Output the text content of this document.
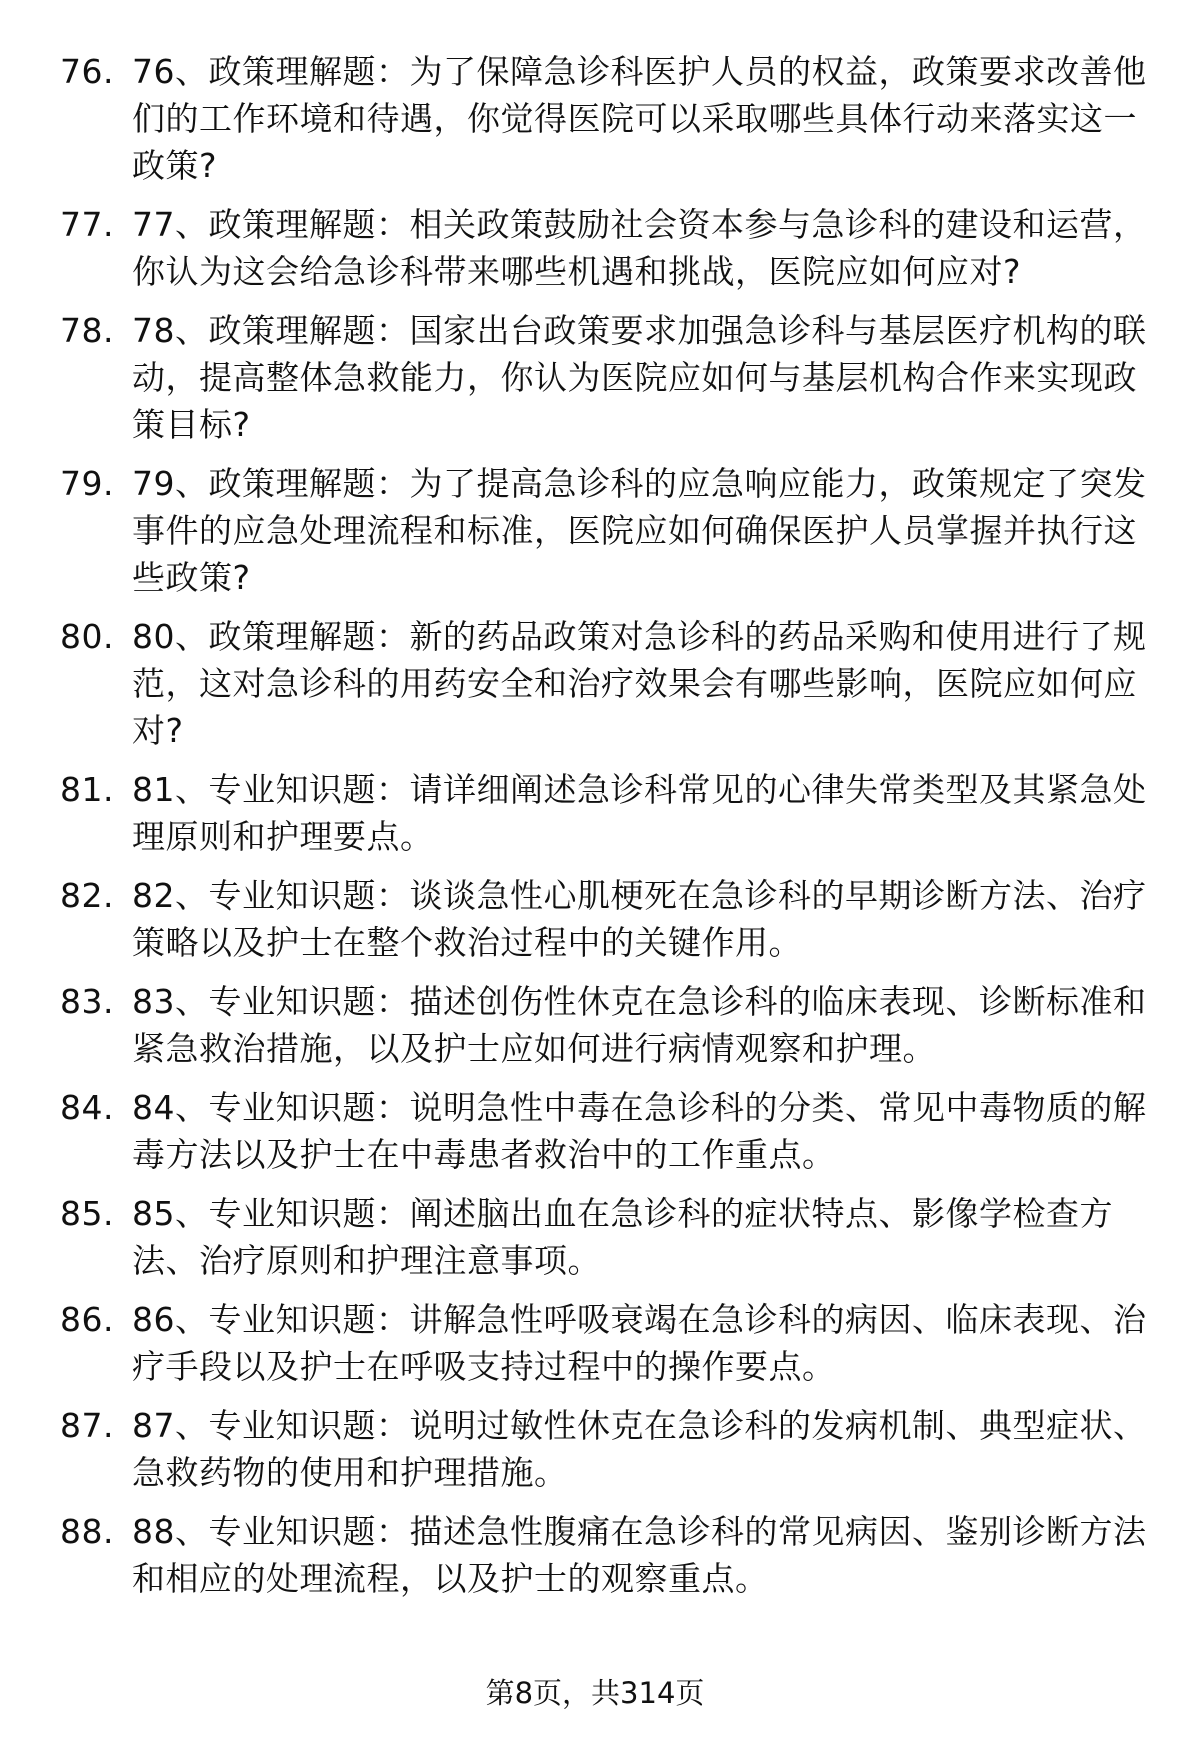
76. 76、政策理解题：为了保障急诊科医护人员的权益，政策要求改善他们的工作环境和待遇，你觉得医院可以采取哪些具体行动来落实这一政策?
77. 77、政策理解题：相关政策鼓励社会资本参与急诊科的建设和运营，你认为这会给急诊科带来哪些机遇和挑战，医院应如何应对?
78. 78、政策理解题：国家出台政策要求加强急诊科与基层医疗机构的联动，提高整体急救能力，你认为医院应如何与基层机构合作来实现政策目标?
79. 79、政策理解题：为了提高急诊科的应急响应能力，政策规定了突发事件的应急处理流程和标准，医院应如何确保医护人员掌握并执行这些政策?
80. 80、政策理解题：新的药品政策对急诊科的药品采购和使用进行了规范，这对急诊科的用药安全和治疗效果会有哪些影响，医院应如何应对?
81. 81、专业知识题：请详细阐述急诊科常见的心律失常类型及其紧急处理原则和护理要点。
82. 82、专业知识题：谈谈急性心肌梗死在急诊科的早期诊断方法、治疗策略以及护士在整个救治过程中的关键作用。
83. 83、专业知识题：描述创伤性休克在急诊科的临床表现、诊断标准和紧急救治措施，以及护士应如何进行病情观察和护理。
84. 84、专业知识题：说明急性中毒在急诊科的分类、常见中毒物质的解毒方法以及护士在中毒患者救治中的工作重点。
85. 85、专业知识题：阐述脑出血在急诊科的症状特点、影像学检查方法、治疗原则和护理注意事项。
86. 86、专业知识题：讲解急性呼吸衰竭在急诊科的病因、临床表现、治疗手段以及护士在呼吸支持过程中的操作要点。
87. 87、专业知识题：说明过敏性休克在急诊科的发病机制、典型症状、急救药物的使用和护理措施。
88. 88、专业知识题：描述急性腹痛在急诊科的常见病因、鉴别诊断方法和相应的处理流程，以及护士的观察重点。
第8页，共314页
